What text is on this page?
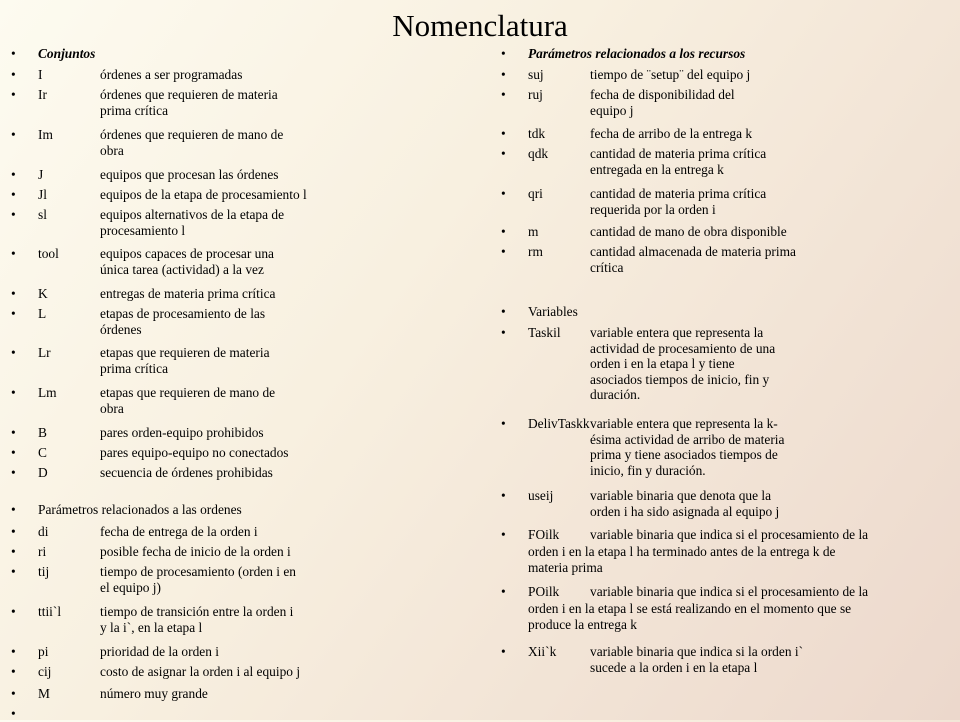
Nomenclatura
•	Conjuntos
•	I	órdenes a ser programadas
•	Ir	órdenes que requieren de materia
prima crítica
•	Im	órdenes que requieren de mano de
obra
•	J	equipos que procesan las órdenes
•	Jl	equipos de la etapa de procesamiento l
•	sl	equipos alternativos de la etapa de
procesamiento l
•	tool	equipos capaces de procesar una
única tarea (actividad) a la vez
•	K	entregas de materia prima crítica
•	L	etapas de procesamiento de las
órdenes
•	Lr	etapas que requieren de materia
prima crítica
•	Lm	etapas que requieren de mano de
obra
•	B	pares orden-equipo prohibidos
•	C	pares equipo-equipo no conectados
•	D	secuencia de órdenes prohibidas
•	Parámetros relacionados a las ordenes
•	di	fecha de entrega de la orden i
•	ri	posible fecha de inicio de la orden i
•	tij	tiempo de procesamiento (orden i en
el equipo j)
•	ttii`l	tiempo de transición entre la orden i
y la i`, en la etapa l
•	pi	prioridad de la orden i
•	cij	costo de asignar la orden i al equipo j
•	M	número muy grande
•
•	Parámetros relacionados a los recursos
•	suj	tiempo de ¨setup¨ del equipo j
•	ruj	fecha de disponibilidad del
equipo j
•	tdk	fecha de arribo de la entrega k
•	qdk	cantidad de materia prima crítica
entregada en la entrega k
•	qri	cantidad de materia prima crítica
requerida por la orden i
•	m	cantidad de mano de obra disponible
•	rm	cantidad almacenada de materia prima
crítica
•	Variables
•	Taskil	variable entera que representa la
actividad de procesamiento de una
orden i en la etapa l y tiene
asociados tiempos de inicio, fin y
duración.
•	DelivTaskk variable entera que representa la k-
ésima actividad de arribo de materia
prima y tiene asociados tiempos de
inicio, fin y duración.
•	useij	variable binaria que denota que la
orden i ha sido asignada al equipo j
•	FOilk	variable binaria que indica si el procesamiento de la
orden i en la etapa l ha terminado antes de la entrega k de
materia prima
•	POilk	variable binaria que indica si el procesamiento de la
orden i en la etapa l se está realizando en el momento que se
produce la entrega k
•	Xii`k	variable binaria que indica si la orden i`
sucede a la orden i en la etapa l
